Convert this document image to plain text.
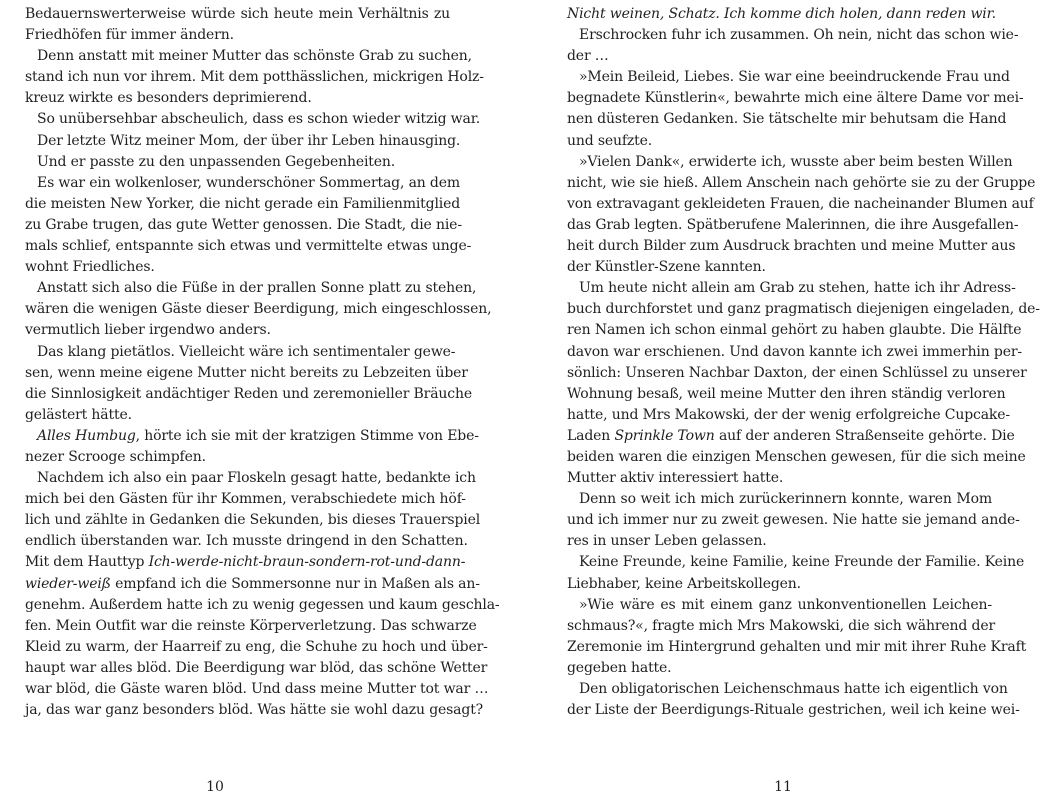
Bedauernswerterweise würde sich heute mein Verhältnis zu
Friedhöfen für immer ändern.
Denn anstatt mit meiner Mutter das schönste Grab zu suchen,
stand ich nun vor ihrem. Mit dem potthässlichen, mickrigen Holz-
kreuz wirkte es besonders deprimierend.
So unübersehbar abscheulich, dass es schon wieder witzig war.
Der letzte Witz meiner Mom, der über ihr Leben hinausging.
Und er passte zu den unpassenden Gegebenheiten.
Es war ein wolkenloser, wunderschöner Sommertag, an dem
die meisten New Yorker, die nicht gerade ein Familienmitglied
zu Grabe trugen, das gute Wetter genossen. Die Stadt, die nie-
mals schlief, entspannte sich etwas und vermittelte etwas unge-
wohnt Friedliches.
Anstatt sich also die Füße in der prallen Sonne platt zu stehen,
wären die wenigen Gäste dieser Beerdigung, mich eingeschlossen,
vermutlich lieber irgendwo anders.
Das klang pietätlos. Vielleicht wäre ich sentimentaler gewe-
sen, wenn meine eigene Mutter nicht bereits zu Lebzeiten über
die Sinnlosigkeit andächtiger Reden und zeremonieller Bräuche
gelästert hätte.
Alles Humbug, hörte ich sie mit der kratzigen Stimme von Ebe-
nezer Scrooge schimpfen.
Nachdem ich also ein paar Floskeln gesagt hatte, bedankte ich
mich bei den Gästen für ihr Kommen, verabschiedete mich höf-
lich und zählte in Gedanken die Sekunden, bis dieses Trauerspiel
endlich überstanden war. Ich musste dringend in den Schatten.
Mit dem Hauttyp Ich-werde-nicht-braun-sondern-rot-und-dann-
wieder-weiß empfand ich die Sommersonne nur in Maßen als an-
genehm. Außerdem hatte ich zu wenig gegessen und kaum geschla-
fen. Mein Outfit war die reinste Körperverletzung. Das schwarze
Kleid zu warm, der Haarreif zu eng, die Schuhe zu hoch und über-
haupt war alles blöd. Die Beerdigung war blöd, das schöne Wetter
war blöd, die Gäste waren blöd. Und dass meine Mutter tot war …
ja, das war ganz besonders blöd. Was hätte sie wohl dazu gesagt?
10
Nicht weinen, Schatz. Ich komme dich holen, dann reden wir.
Erschrocken fuhr ich zusammen. Oh nein, nicht das schon wie-
der …
»Mein Beileid, Liebes. Sie war eine beeindruckende Frau und
begnadete Künstlerin«, bewahrte mich eine ältere Dame vor mei-
nen düsteren Gedanken. Sie tätschelte mir behutsam die Hand
und seufzte.
»Vielen Dank«, erwiderte ich, wusste aber beim besten Willen
nicht, wie sie hieß. Allem Anschein nach gehörte sie zu der Gruppe
von extravagant gekleideten Frauen, die nacheinander Blumen auf
das Grab legten. Spätberufene Malerinnen, die ihre Ausgefallen-
heit durch Bilder zum Ausdruck brachten und meine Mutter aus
der Künstler-Szene kannten.
Um heute nicht allein am Grab zu stehen, hatte ich ihr Adress-
buch durchforstet und ganz pragmatisch diejenigen eingeladen, de-
ren Namen ich schon einmal gehört zu haben glaubte. Die Hälfte
davon war erschienen. Und davon kannte ich zwei immerhin per-
sönlich: Unseren Nachbar Daxton, der einen Schlüssel zu unserer
Wohnung besaß, weil meine Mutter den ihren ständig verloren
hatte, und Mrs Makowski, der der wenig erfolgreiche Cupcake-
Laden Sprinkle Town auf der anderen Straßenseite gehörte. Die
beiden waren die einzigen Menschen gewesen, für die sich meine
Mutter aktiv interessiert hatte.
Denn so weit ich mich zurückerinnern konnte, waren Mom
und ich immer nur zu zweit gewesen. Nie hatte sie jemand ande-
res in unser Leben gelassen.
Keine Freunde, keine Familie, keine Freunde der Familie. Keine
Liebhaber, keine Arbeitskollegen.
»Wie wäre es mit einem ganz unkonventionellen Leichen-
schmaus?«, fragte mich Mrs Makowski, die sich während der
Zeremonie im Hintergrund gehalten und mir mit ihrer Ruhe Kraft
gegeben hatte.
Den obligatorischen Leichenschmaus hatte ich eigentlich von
der Liste der Beerdigungs-Rituale gestrichen, weil ich keine wei-
11
